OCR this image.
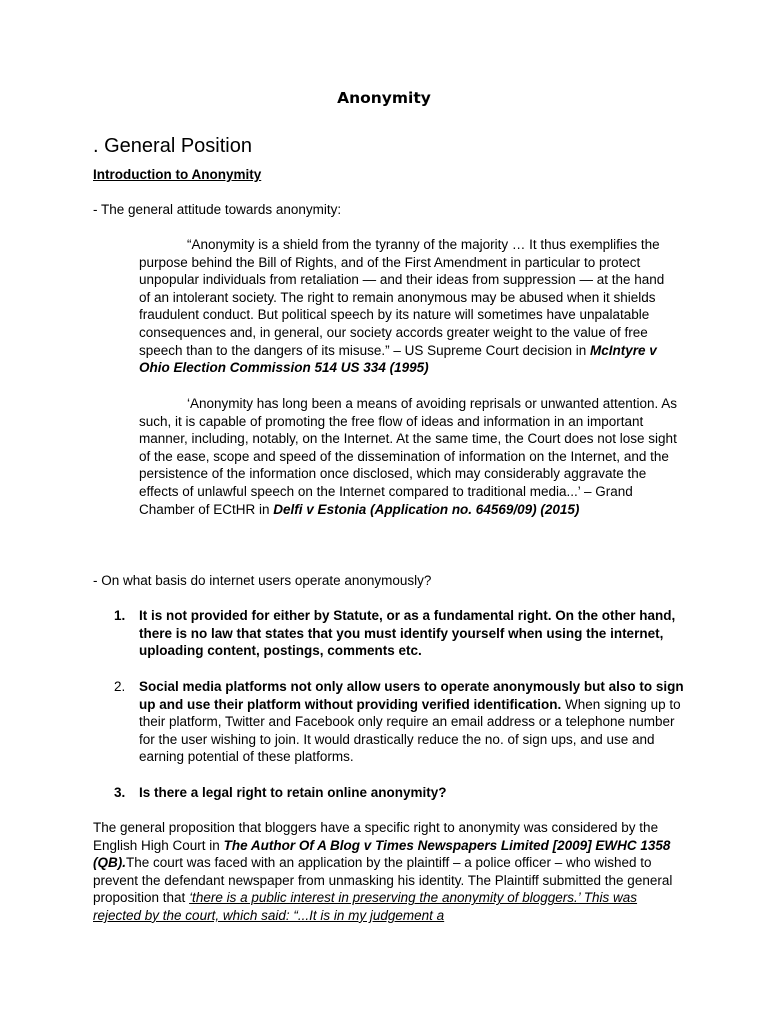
Anonymity
. General Position
Introduction to Anonymity
- The general attitude towards anonymity:

“Anonymity is a shield from the tyranny of the majority … It thus exemplifies the purpose behind the Bill of Rights, and of the First Amendment in particular to protect unpopular individuals from retaliation — and their ideas from suppression — at the hand of an intolerant society. The right to remain anonymous may be abused when it shields fraudulent conduct. But political speech by its nature will sometimes have unpalatable consequences and, in general, our society accords greater weight to the value of free speech than to the dangers of its misuse.” – US Supreme Court decision in McIntyre v Ohio Election Commission 514 US 334 (1995)

‘Anonymity has long been a means of avoiding reprisals or unwanted attention. As such, it is capable of promoting the free flow of ideas and information in an important manner, including, notably, on the Internet. At the same time, the Court does not lose sight of the ease, scope and speed of the dissemination of information on the Internet, and the persistence of the information once disclosed, which may considerably aggravate the effects of unlawful speech on the Internet compared to traditional media...’ – Grand Chamber of ECtHR in Delfi v Estonia (Application no. 64569/09) (2015)

- On what basis do internet users operate anonymously?

1. It is not provided for either by Statute, or as a fundamental right. On the other hand, there is no law that states that you must identify yourself when using the internet, uploading content, postings, comments etc.

2. Social media platforms not only allow users to operate anonymously but also to sign up and use their platform without providing verified identification. When signing up to their platform, Twitter and Facebook only require an email address or a telephone number for the user wishing to join. It would drastically reduce the no. of sign ups, and use and earning potential of these platforms.

3. Is there a legal right to retain online anonymity?

The general proposition that bloggers have a specific right to anonymity was considered by the English High Court in The Author Of A Blog v Times Newspapers Limited [2009] EWHC 1358 (QB).The court was faced with an application by the plaintiff – a police officer – who wished to prevent the defendant newspaper from unmasking his identity. The Plaintiff submitted the general proposition that ‘there is a public interest in preserving the anonymity of bloggers.’ This was rejected by the court, which said: “...It is in my judgement a
